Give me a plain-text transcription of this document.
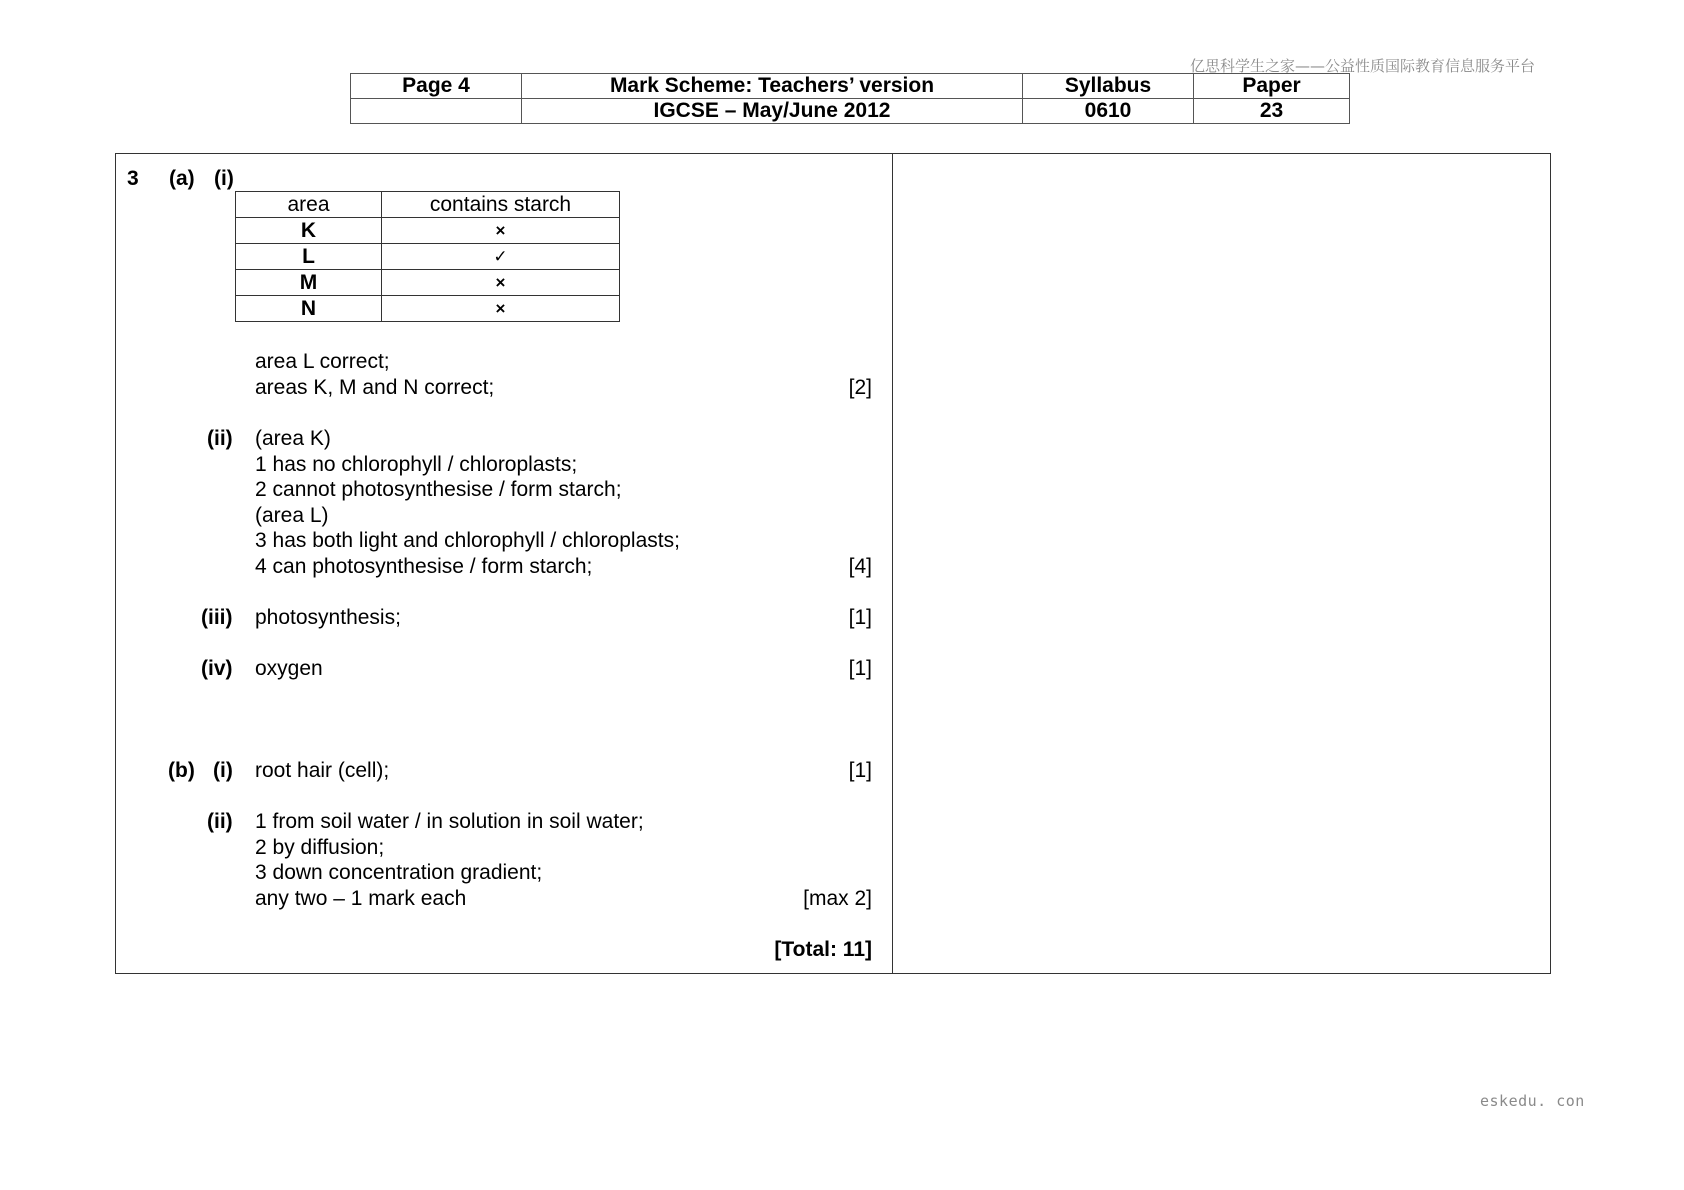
亿思科学生之家——公益性质国际教育信息服务平台
eskedu. con
Page 4	Mark Scheme: Teachers’ version	Syllabus	Paper
	IGCSE – May/June 2012	0610	23
3 (a) (i)
area	contains starch
K	×
L	✓
M	×
N	×
area L correct;
areas K, M and N correct;	[2]
(ii) (area K)
1 has no chlorophyll / chloroplasts;
2 cannot photosynthesise / form starch;
(area L)
3 has both light and chlorophyll / chloroplasts;
4 can photosynthesise / form starch;	[4]
(iii) photosynthesis;	[1]
(iv) oxygen	[1]
(b) (i) root hair (cell);	[1]
(ii) 1 from soil water / in solution in soil water;
2 by diffusion;
3 down concentration gradient;
any two – 1 mark each	[max 2]
[Total: 11]
